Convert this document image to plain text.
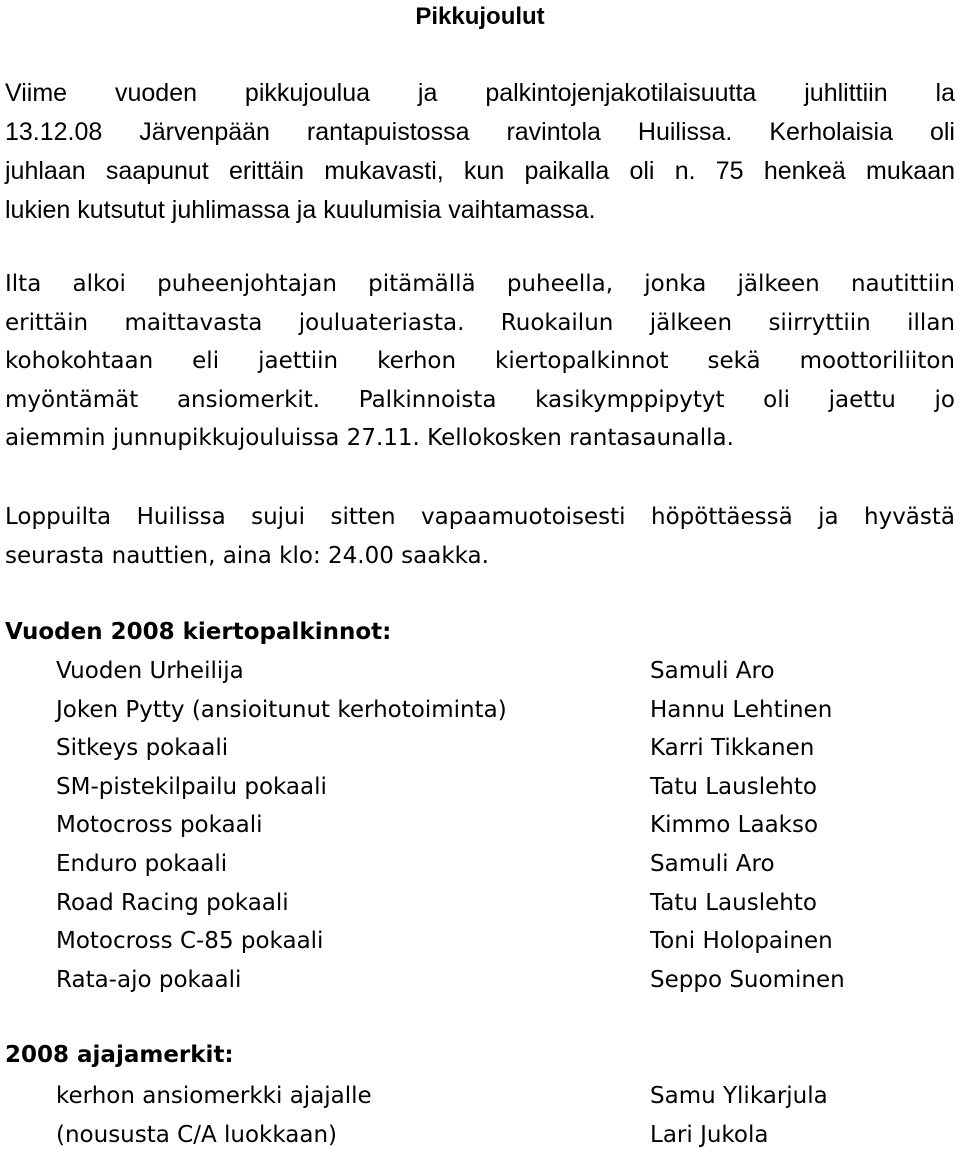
Pikkujoulut
Viime vuoden pikkujoulua ja palkintojenjakotilaisuutta juhlittiin la
13.12.08 Järvenpään rantapuistossa ravintola Huilissa. Kerholaisia oli
juhlaan saapunut erittäin mukavasti, kun paikalla oli n. 75 henkeä mukaan
lukien kutsutut juhlimassa ja kuulumisia vaihtamassa.
Ilta alkoi puheenjohtajan pitämällä puheella, jonka jälkeen nautittiin
erittäin maittavasta jouluateriasta. Ruokailun jälkeen siirryttiin illan
kohokohtaan eli jaettiin kerhon kiertopalkinnot sekä moottoriliiton
myöntämät ansiomerkit. Palkinnoista kasikymppipytyt oli jaettu jo
aiemmin junnupikkujouluissa 27.11. Kellokosken rantasaunalla.
Loppuilta Huilissa sujui sitten vapaamuotoisesti höpöttäessä ja hyvästä
seurasta nauttien, aina klo: 24.00 saakka.
Vuoden 2008 kiertopalkinnot:
Vuoden Urheilija	Samuli Aro
Joken Pytty (ansioitunut kerhotoiminta)	Hannu Lehtinen
Sitkeys pokaali	Karri Tikkanen
SM-pistekilpailu pokaali	Tatu Lauslehto
Motocross pokaali	Kimmo Laakso
Enduro pokaali	Samuli Aro
Road Racing pokaali	Tatu Lauslehto
Motocross C-85 pokaali	Toni Holopainen
Rata-ajo pokaali	Seppo Suominen
2008 ajajamerkit:
kerhon ansiomerkki ajajalle	Samu Ylikarjula
(noususta C/A luokkaan)	Lari Jukola
